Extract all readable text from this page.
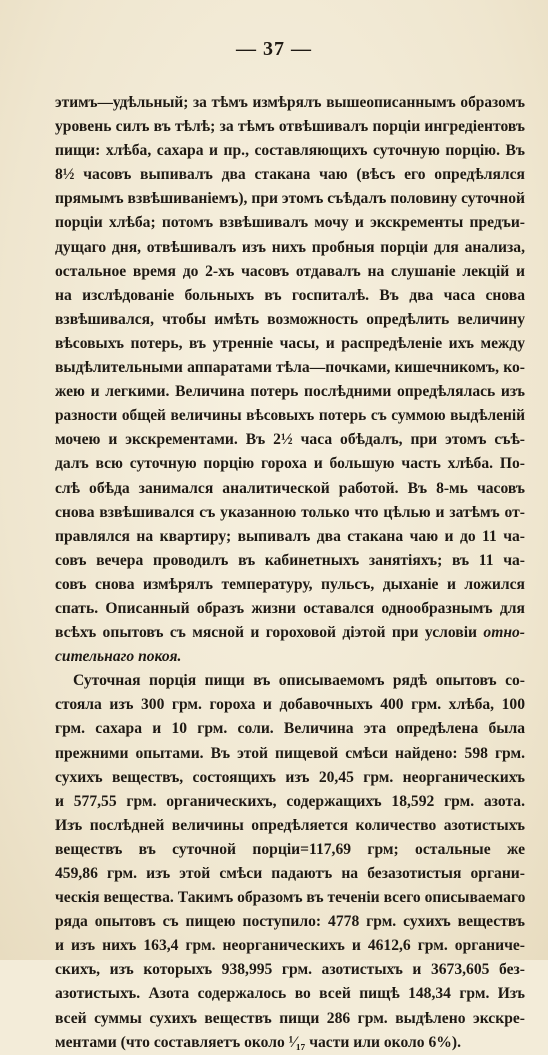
— 37 —
этимъ—удѣльный; за тѣмъ измѣрялъ вышеописаннымъ образомъ
уровень силъ въ тѣлѣ; за тѣмъ отвѣшивалъ порціи ингредіентовъ
пищи: хлѣба, сахара и пр., составляющихъ суточную порцію. Въ
8½ часовъ выпивалъ два стакана чаю (вѣсъ его опредѣлялся
прямымъ взвѣшиваніемъ), при этомъ съѣдалъ половину суточной
порціи хлѣба; потомъ взвѣшивалъ мочу и экскременты предъи-
дущаго дня, отвѣшивалъ изъ нихъ пробныя порціи для анализа,
остальное время до 2-хъ часовъ отдавалъ на слушаніе лекцій и
на изслѣдованіе больныхъ въ госпиталѣ. Въ два часа снова
взвѣшивался, чтобы имѣть возможность опредѣлить величину
вѣсовыхъ потерь, въ утренніе часы, и распредѣленіе ихъ между
выдѣлительными аппаратами тѣла—почками, кишечникомъ, ко-
жею и легкими. Величина потерь послѣдними опредѣлялась изъ
разности общей величины вѣсовыхъ потерь съ суммою выдѣленій
мочею и экскрементами. Въ 2½ часа обѣдалъ, при этомъ съѣ-
далъ всю суточную порцію гороха и большую часть хлѣба. По-
слѣ обѣда занимался аналитической работой. Въ 8-мь часовъ
снова взвѣшивался съ указанною только что цѣлью и затѣмъ от-
правлялся на квартиру; выпивалъ два стакана чаю и до 11 ча-
совъ вечера проводилъ въ кабинетныхъ занятіяхъ; въ 11 ча-
совъ снова измѣрялъ температуру, пульсъ, дыханіе и ложился
спать. Описанный образъ жизни оставался однообразнымъ для
всѣхъ опытовъ съ мясной и гороховой діэтой при условіи отно-
сительнаго покоя.
Суточная порція пищи въ описываемомъ рядѣ опытовъ со-
стояла изъ 300 грм. гороха и добавочныхъ 400 грм. хлѣба, 100
грм. сахара и 10 грм. соли. Величина эта опредѣлена была
прежними опытами. Въ этой пищевой смѣси найдено: 598 грм.
сухихъ веществъ, состоящихъ изъ 20,45 грм. неорганическихъ
и 577,55 грм. органическихъ, содержащихъ 18,592 грм. азота.
Изъ послѣдней величины опредѣляется количество азотистыхъ
веществъ въ суточной порціи=117,69 грм; остальные же
459,86 грм. изъ этой смѣси падаютъ на безазотистыя органи-
ческія вещества. Такимъ образомъ въ теченіи всего описываемаго
ряда опытовъ съ пищею поступило: 4778 грм. сухихъ веществъ
и изъ нихъ 163,4 грм. неорганическихъ и 4612,6 грм. органиче-
скихъ, изъ которыхъ 938,995 грм. азотистыхъ и 3673,605 без-
азотистыхъ. Азота содержалось во всей пищѣ 148,34 грм. Изъ
всей суммы сухихъ веществъ пищи 286 грм. выдѣлено экскре-
ментами (что составляетъ около ¹⁄₁₇ части или около 6%).
